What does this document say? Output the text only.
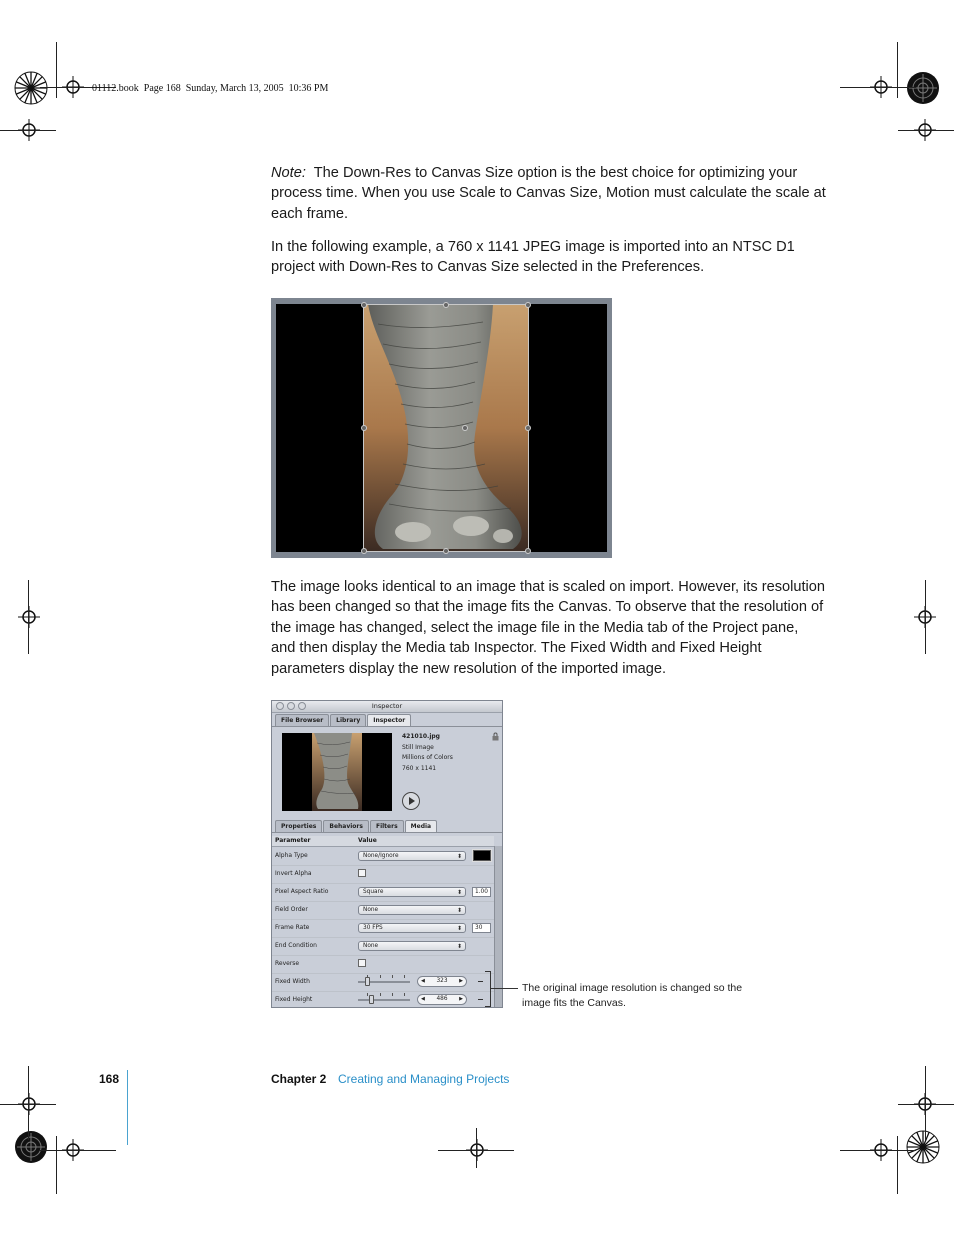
01112.book  Page 168  Sunday, March 13, 2005  10:36 PM
Note: The Down-Res to Canvas Size option is the best choice for optimizing your process time. When you use Scale to Canvas Size, Motion must calculate the scale at each frame.
In the following example, a 760 x 1141 JPEG image is imported into an NTSC D1 project with Down-Res to Canvas Size selected in the Preferences.
The image looks identical to an image that is scaled on import. However, its resolution has been changed so that the image fits the Canvas. To observe that the resolution of the image has changed, select the image file in the Media tab of the Project pane, and then display the Media tab Inspector. The Fixed Width and Fixed Height parameters display the new resolution of the imported image.
Inspector
File Browser	Library	Inspector
421010.jpg
Still Image
Millions of Colors
760 x 1141
Properties	Behaviors	Filters	Media
Parameter	Value
Alpha Type	None/Ignore ⬍
Invert Alpha
Pixel Aspect Ratio	Square ⬍	1.00
Field Order	None ⬍
Frame Rate	30 FPS ⬍	30
End Condition	None ⬍
Reverse
Fixed Width	◀ 323 ▶
Fixed Height	◀ 486 ▶
The original image resolution is changed so the image fits the Canvas.
168	Chapter 2 Creating and Managing Projects
